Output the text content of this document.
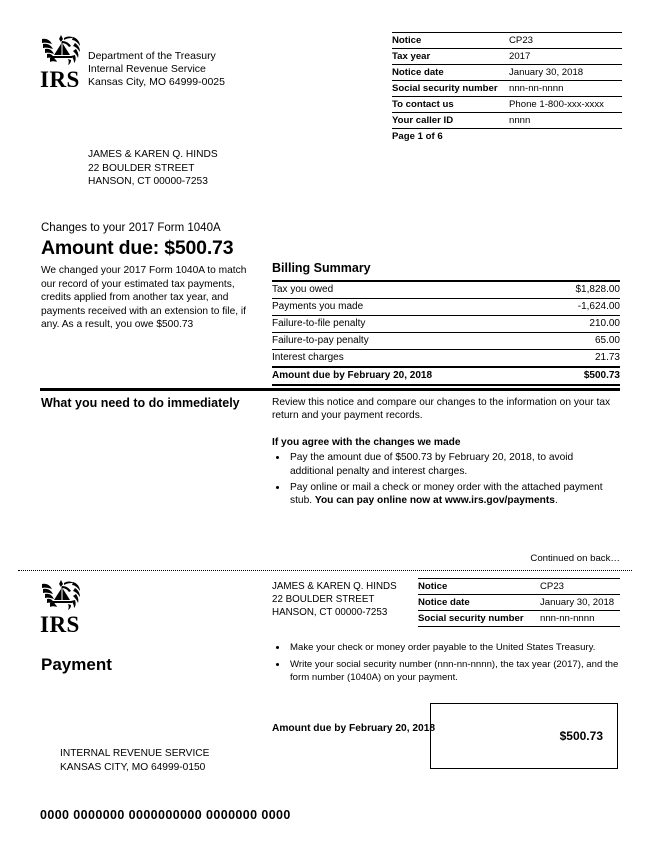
IRS
Department of the Treasury
Internal Revenue Service
Kansas City, MO 64999-0025
Notice	CP23
Tax year	2017
Notice date	January 30, 2018
Social security number	nnn-nn-nnnn
To contact us	Phone 1-800-xxx-xxxx
Your caller ID	nnnn
Page 1 of 6	
JAMES & KAREN Q. HINDS
22 BOULDER STREET
HANSON, CT 00000-7253
Changes to your 2017 Form 1040A
Amount due: $500.73
We changed your 2017 Form 1040A to match our record of your estimated tax payments, credits applied from another tax year, and payments received with an extension to file, if any. As a result, you owe $500.73
Billing Summary
Tax you owed	$1,828.00
Payments you made	-1,624.00
Failure-to-file penalty	210.00
Failure-to-pay penalty	65.00
Interest charges	21.73
Amount due by February 20, 2018	$500.73
What you need to do immediately	Review this notice and compare our changes to the information on your tax return and your payment records.

If you agree with the changes we made

• Pay the amount due of $500.73 by February 20, 2018, to avoid additional penalty and interest charges.
• Pay online or mail a check or money order with the attached payment stub. You can pay online now at www.irs.gov/payments.
Continued on back…
IRS
JAMES & KAREN Q. HINDS
22 BOULDER STREET
HANSON, CT 00000-7253
Notice	CP23
Notice date	January 30, 2018
Social security number	nnn-nn-nnnn
• Make your check or money order payable to the United States Treasury.
• Write your social security number (nnn-nn-nnnn), the tax year (2017), and the form number (1040A) on your payment.
Payment
INTERNAL REVENUE SERVICE
KANSAS CITY, MO 64999-0150
Amount due by February 20, 2018
$500.73
0000 0000000 0000000000 0000000 0000
